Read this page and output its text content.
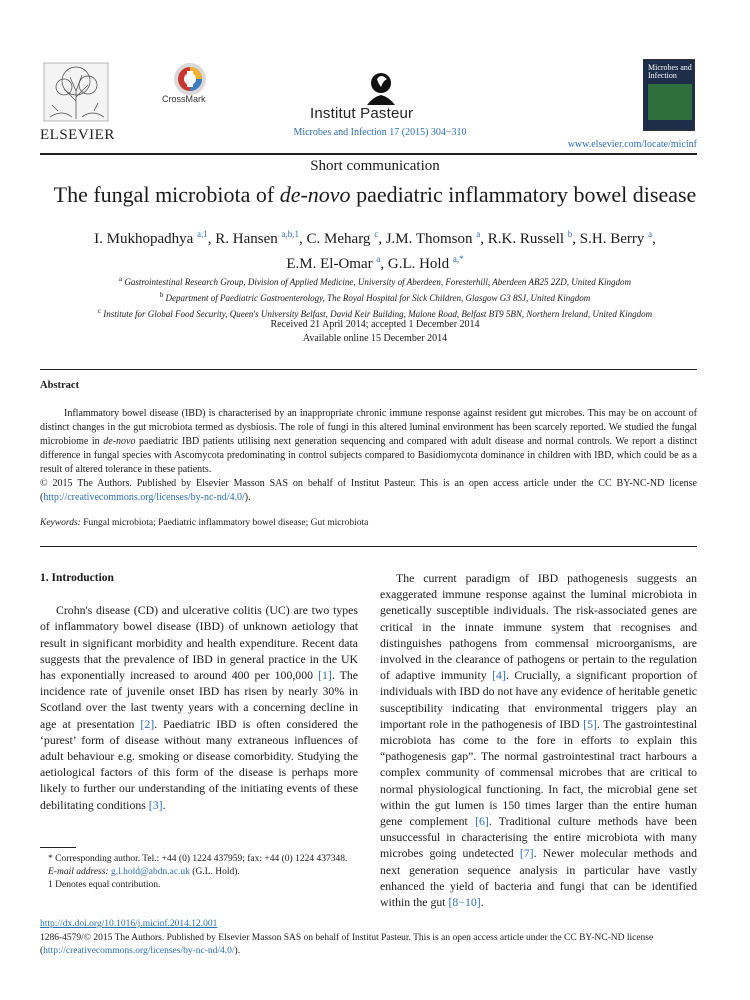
ELSEVIER
CrossMark
Institut Pasteur
Microbes and Infection 17 (2015) 304−310
Microbes and Infection
www.elsevier.com/locate/micinf
Short communication
The fungal microbiota of de-novo paediatric inflammatory bowel disease
I. Mukhopadhya $^{a,1}$, R. Hansen $^{a,b,1}$, C. Meharg $^c$, J.M. Thomson $^a$, R.K. Russell $^b$, S.H. Berry $^a$,
E.M. El-Omar $^a$, G.L. Hold $^{a,*}$
$^a$ Gastrointestinal Research Group, Division of Applied Medicine, University of Aberdeen, Foresterhill, Aberdeen AB25 2ZD, United Kingdom
$^b$ Department of Paediatric Gastroenterology, The Royal Hospital for Sick Children, Glasgow G3 8SJ, United Kingdom
$^c$ Institute for Global Food Security, Queen's University Belfast, David Keir Building, Malone Road, Belfast BT9 5BN, Northern Ireland, United Kingdom
Received 21 April 2014; accepted 1 December 2014
Available online 15 December 2014
Abstract

Inflammatory bowel disease (IBD) is characterised by an inappropriate chronic immune response against resident gut microbes. This may be on account of distinct changes in the gut microbiota termed as dysbiosis. The role of fungi in this altered luminal environment has been scarcely reported. We studied the fungal microbiome in de-novo paediatric IBD patients utilising next generation sequencing and compared with adult disease and normal controls. We report a distinct difference in fungal species with Ascomycota predominating in control subjects compared to Basidiomycota dominance in children with IBD, which could be as a result of altered tolerance in these patients.

© 2015 The Authors. Published by Elsevier Masson SAS on behalf of Institut Pasteur. This is an open access article under the CC BY-NC-ND license (http://creativecommons.org/licenses/by-nc-nd/4.0/).
Keywords: Fungal microbiota; Paediatric inflammatory bowel disease; Gut microbiota
1. Introduction

Crohn's disease (CD) and ulcerative colitis (UC) are two types of inflammatory bowel disease (IBD) of unknown aetiology that result in significant morbidity and health expenditure. Recent data suggests that the prevalence of IBD in general practice in the UK has exponentially increased to around 400 per 100,000 [1]. The incidence rate of juvenile onset IBD has risen by nearly 30% in Scotland over the last twenty years with a concerning decline in age at presentation [2]. Paediatric IBD is often considered the ‘purest’ form of disease without many extraneous influences of adult behaviour e.g. smoking or disease comorbidity. Studying the aetiological factors of this form of the disease is perhaps more likely to further our understanding of the initiating events of these debilitating conditions [3].

The current paradigm of IBD pathogenesis suggests an exaggerated immune response against the luminal microbiota in genetically susceptible individuals. The risk-associated genes are critical in the innate immune system that recognises and distinguishes pathogens from commensal microorganisms, are involved in the clearance of pathogens or pertain to the regulation of adaptive immunity [4]. Crucially, a significant proportion of individuals with IBD do not have any evidence of heritable genetic susceptibility indicating that environmental triggers play an important role in the pathogenesis of IBD [5]. The gastrointestinal microbiota has come to the fore in efforts to explain this “pathogenesis gap”. The normal gastrointestinal tract harbours a complex community of commensal microbes that are critical to normal physiological functioning. In fact, the microbial gene set within the gut lumen is 150 times larger than the entire human gene complement [6]. Traditional culture methods have been unsuccessful in characterising the entire microbiota with many microbes going undetected [7]. Newer molecular methods and next generation sequence analysis in particular have vastly enhanced the yield of bacteria and fungi that can be identified within the gut [8−10].

* Corresponding author. Tel.: +44 (0) 1224 437959; fax: +44 (0) 1224 437348.

E-mail address: g.l.hold@abdn.ac.uk (G.L. Hold).

1 Denotes equal contribution.

http://dx.doi.org/10.1016/j.micinf.2014.12.001
1286-4579/© 2015 The Authors. Published by Elsevier Masson SAS on behalf of Institut Pasteur. This is an open access article under the CC BY-NC-ND license (http://creativecommons.org/licenses/by-nc-nd/4.0/).
